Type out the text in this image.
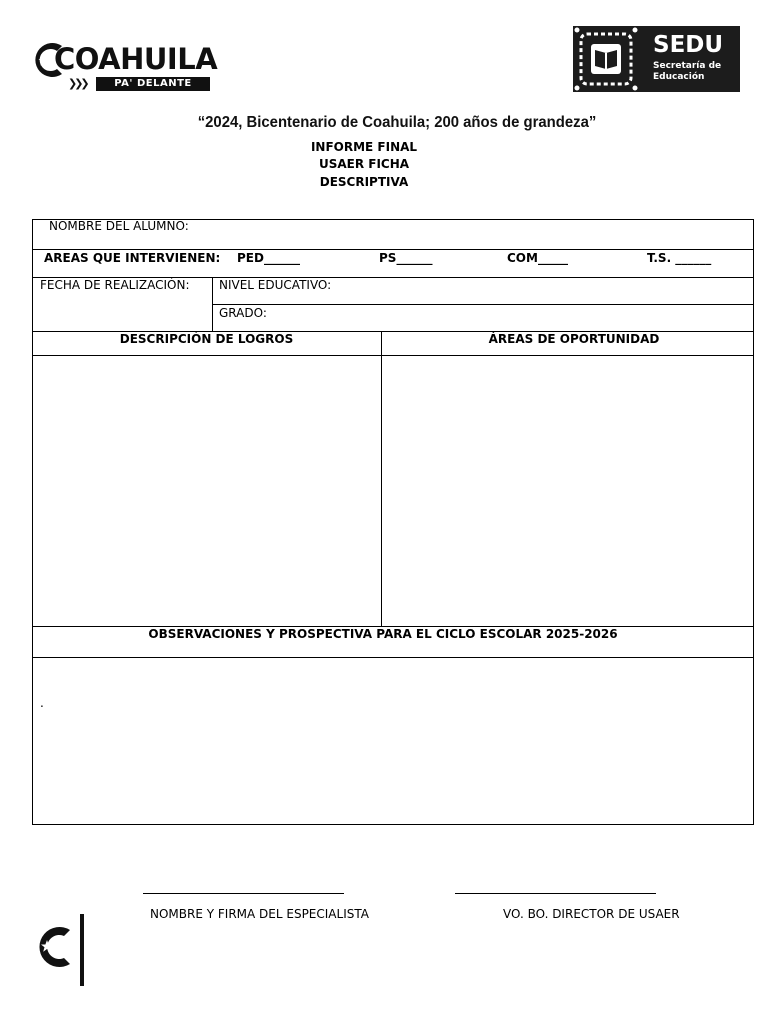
COAHUILA
❯❯❯	PA' DELANTE
SEDU
Secretaría de
Educación
“2024, Bicentenario de Coahuila; 200 años de grandeza”
INFORME FINAL
USAER FICHA
DESCRIPTIVA
NOMBRE DEL ALUMNO:
AREAS QUE INTERVIENEN: PED______	PS______	COM_____	T.S. ______
FECHA DE REALIZACIÓN: NIVEL EDUCATIVO:
GRADO:
DESCRIPCIÓN DE LOGROS	ÁREAS DE OPORTUNIDAD
OBSERVACIONES Y PROSPECTIVA PARA EL CICLO ESCOLAR 2025-2026
.
NOMBRE Y FIRMA DEL ESPECIALISTA	VO. BO. DIRECTOR DE USAER
